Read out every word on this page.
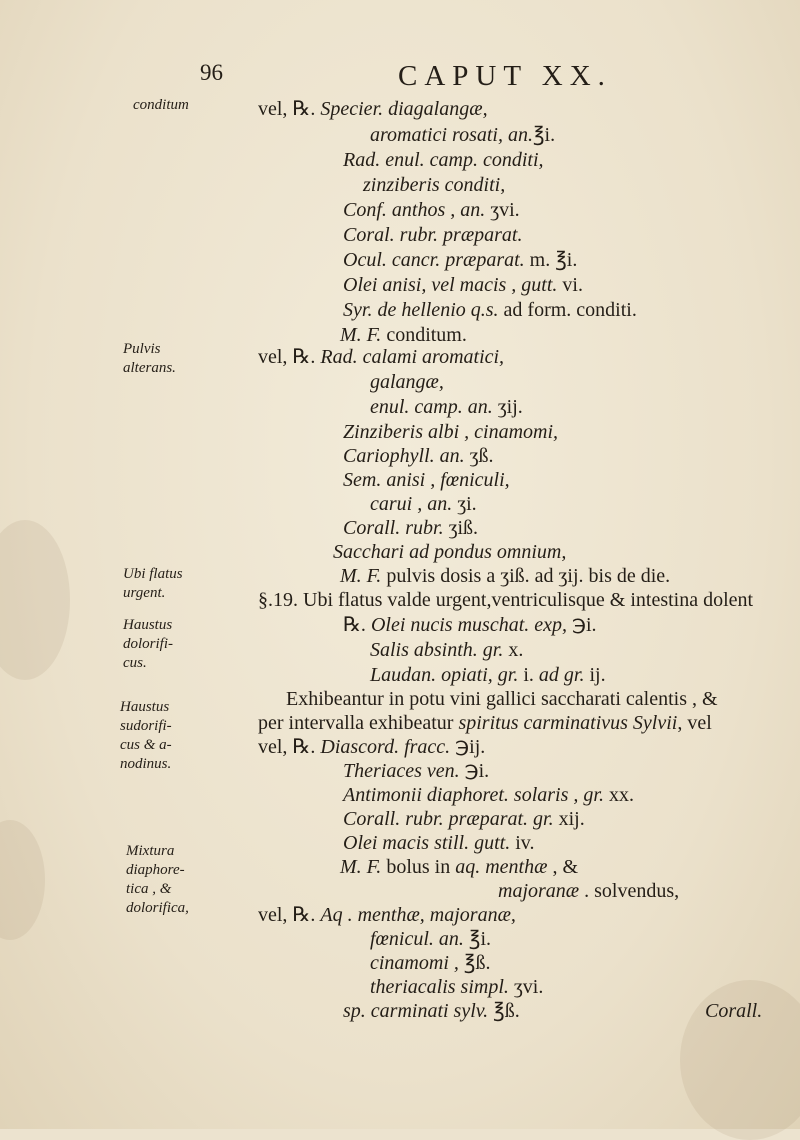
96	CAPUT XX.
conditum
Pulvis
alterans.
Ubi flatus
urgent.
Haustus
dolorifi-
cus.
Haustus
sudorifi-
cus & a-
nodinus.
Mixtura
diaphore-
tica , &
dolorifica,
vel, ℞. Specier. diagalangæ,
aromatici rosati, an.℥i.
Rad. enul. camp. conditi,
zinziberis conditi,
Conf. anthos , an. ʒvi.
Coral. rubr. præparat.
Ocul. cancr. præparat. m. ℥i.
Olei anisi, vel macis , gutt. vi.
Syr. de hellenio q.s. ad form. conditi.
M. F. conditum.
vel, ℞. Rad. calami aromatici,
galangæ,
enul. camp. an. ʒij.
Zinziberis albi , cinamomi,
Cariophyll. an. ʒß.
Sem. anisi , fœniculi,
carui , an. ʒi.
Corall. rubr. ʒiß.
Sacchari ad pondus omnium,
M. F. pulvis dosis a ʒiß. ad ʒij. bis de die.
§.19. Ubi flatus valde urgent,ventriculisque & intestina dolent
℞. Olei nucis muschat. exp, ℈i.
Salis absinth. gr. x.
Laudan. opiati, gr. i. ad gr. ij.
Exhibeantur in potu vini gallici saccharati calentis , &
per intervalla exhibeatur spiritus carminativus Sylvii, vel
vel, ℞. Diascord. fracc. ℈ij.
Theriaces ven. ℈i.
Antimonii diaphoret. solaris , gr. xx.
Corall. rubr. præparat. gr. xij.
Olei macis still. gutt. iv.
M. F. bolus in aq. menthæ , &
majoranæ . solvendus,
vel, ℞. Aq . menthæ, majoranæ,
fœnicul. an. ℥i.
cinamomi , ℥ß.
theriacalis simpl. ʒvi.
sp. carminati sylv. ℥ß.	Corall.
